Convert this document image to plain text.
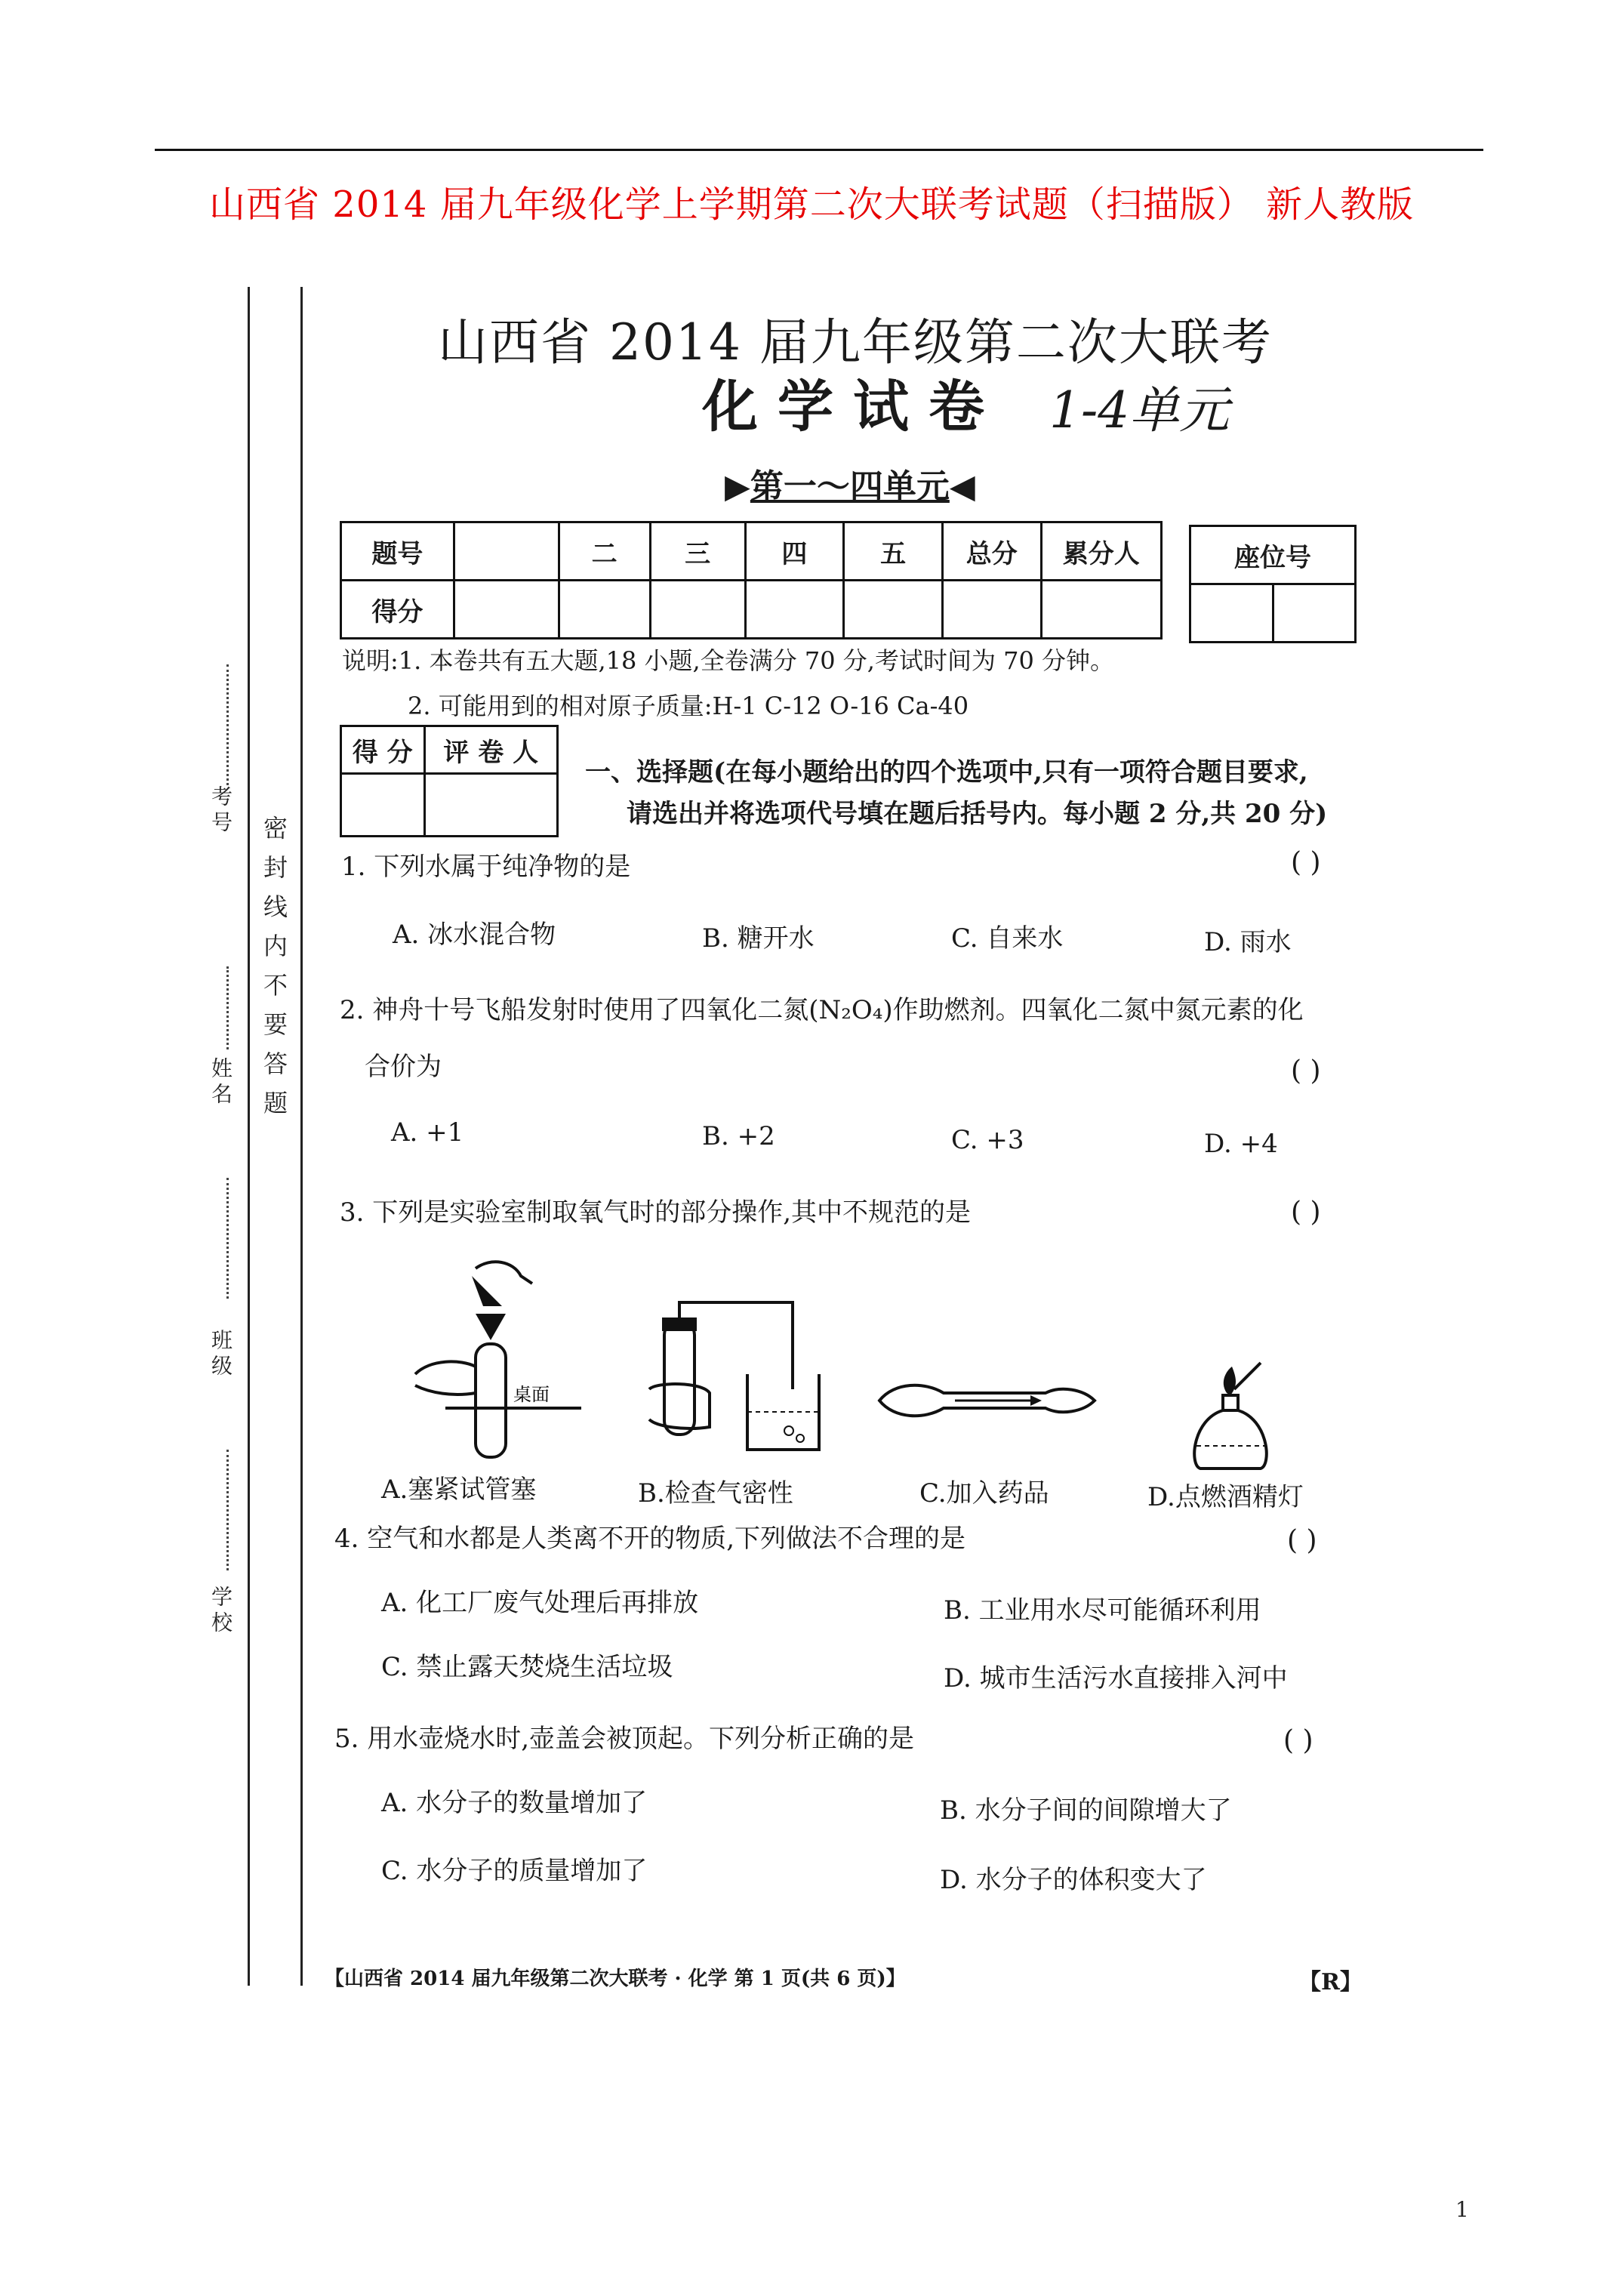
山西省 2014 届九年级化学上学期第二次大联考试题（扫描版） 新人教版
密封线内不要答题
考号
姓名
班级
学校
山西省 2014 届九年级第二次大联考
化学试卷 1-4单元
▶第一～四单元◀
题号		二	三	四	五	总分	累分人
得分							
座位号

说明:1. 本卷共有五大题,18 小题,全卷满分 70 分,考试时间为 70 分钟。
2. 可能用到的相对原子质量:H-1 C-12 O-16 Ca-40
得 分	评 卷 人

一、选择题(在每小题给出的四个选项中,只有一项符合题目要求,
请选出并将选项代号填在题后括号内。每小题 2 分,共 20 分)
1. 下列水属于纯净物的是	( )
A. 冰水混合物	B. 糖开水	C. 自来水	D. 雨水
2. 神舟十号飞船发射时使用了四氧化二氮(N₂O₄)作助燃剂。四氧化二氮中氮元素的化
合价为	( )
A. +1	B. +2	C. +3	D. +4
3. 下列是实验室制取氧气时的部分操作,其中不规范的是	( )
桌面
A.塞紧试管塞	B.检查气密性	C.加入药品	D.点燃酒精灯
4. 空气和水都是人类离不开的物质,下列做法不合理的是	( )
A. 化工厂废气处理后再排放	B. 工业用水尽可能循环利用
C. 禁止露天焚烧生活垃圾	D. 城市生活污水直接排入河中
5. 用水壶烧水时,壶盖会被顶起。下列分析正确的是	( )
A. 水分子的数量增加了	B. 水分子间的间隙增大了
C. 水分子的质量增加了	D. 水分子的体积变大了
【山西省 2014 届九年级第二次大联考 · 化学 第 1 页(共 6 页)】	【R】
1
